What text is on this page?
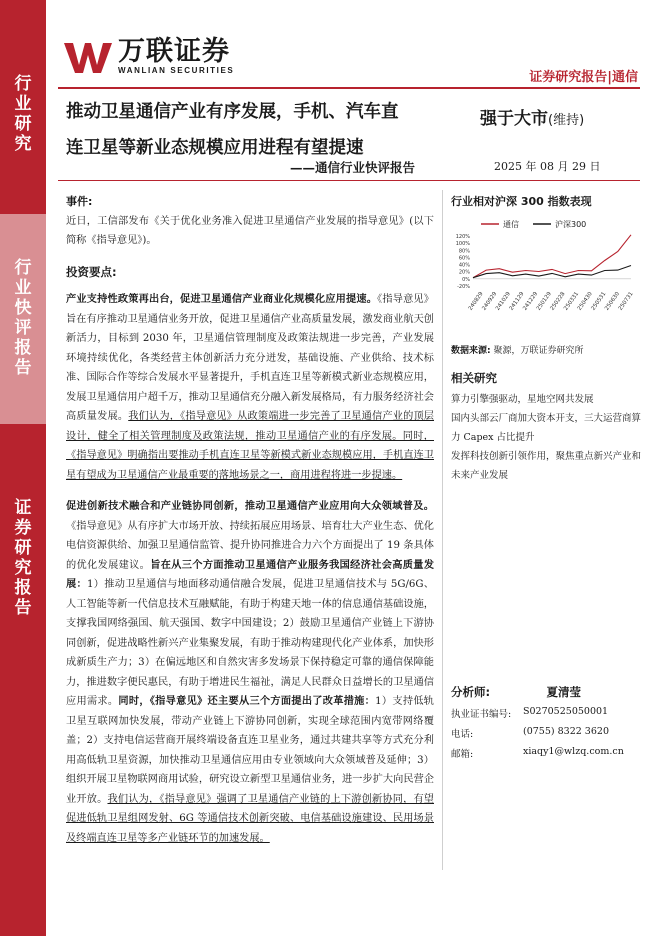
行
业
研
究
行
业
快
评
报
告
证
券
研
究
报
告
万联证券
WANLIAN SECURITIES	证券研究报告|通信
推动卫星通信产业有序发展，手机、汽车直
连卫星等新业态规模应用进程有望提速
——通信行业快评报告
强于大市(维持)
2025 年 08 月 29 日

事件:

近日，工信部发布《关于优化业务准入促进卫星通信产业发展的指导意见》(以下简称《指导意见》)。

投资要点:

产业支持性政策再出台，促进卫星通信产业商业化规模化应用提速。《指导意见》旨在有序推动卫星通信业务开放，促进卫星通信产业高质量发展，激发商业航天创新活力，目标到 2030 年，卫星通信管理制度及政策法规进一步完善，产业发展环境持续优化，各类经营主体创新活力充分迸发，基础设施、产业供给、技术标准、国际合作等综合发展水平显著提升，手机直连卫星等新模式新业态规模应用，发展卫星通信用户超千万，推动卫星通信充分融入新发展格局，有力服务经济社会高质量发展。我们认为，《指导意见》从政策端进一步完善了卫星通信产业的顶层设计，健全了相关管理制度及政策法规，推动卫星通信产业的有序发展。同时，《指导意见》明确指出要推动手机直连卫星等新模式新业态规模应用，手机直连卫星有望成为卫星通信产业最重要的落地场景之一，商用进程将进一步提速。

促进创新技术融合和产业链协同创新，推动卫星通信产业应用向大众领域普及。《指导意见》从有序扩大市场开放、持续拓展应用场景、培育壮大产业生态、优化电信资源供给、加强卫星通信监管、提升协同推进合力六个方面提出了 19 条具体的优化发展建议。旨在从三个方面推动卫星通信产业服务我国经济社会高质量发展：1）推动卫星通信与地面移动通信融合发展，促进卫星通信技术与 5G/6G、人工智能等新一代信息技术互融赋能，有助于构建天地一体的信息通信基础设施，支撑我国网络强国、航天强国、数字中国建设；2）鼓励卫星通信产业链上下游协同创新，促进战略性新兴产业集聚发展，有助于推动构建现代化产业体系，加快形成新质生产力；3）在偏远地区和自然灾害多发场景下保持稳定可靠的通信保障能力，推进数字便民惠民，有助于增进民生福祉，满足人民群众日益增长的卫星通信应用需求。同时，《指导意见》还主要从三个方面提出了改革措施：1）支持低轨卫星互联网加快发展，带动产业链上下游协同创新，实现全球范围内宽带网络覆盖；2）支持电信运营商开展终端设备直连卫星业务，通过共建共享等方式充分利用高低轨卫星资源，加快推动卫星通信应用由专业领域向大众领域普及延伸；3）组织开展卫星物联网商用试验，研究设立新型卫星通信业务，进一步扩大向民营企业开放。我们认为，《指导意见》强调了卫星通信产业链的上下游创新协同，有望促进低轨卫星组网发射、6G 等通信技术创新突破、电信基础设施建设、民用场景及终端直连卫星等多产业链环节的加速发展。

行业相对沪深 300 指数表现
通信	沪深300
120%
100%
80%
60%
40%
20%
0%
-20%
240829
240929
241029
241129
241229
250129
250228
250331
250430
250531
250630
250731
数据来源: 聚源，万联证券研究所
相关研究
算力引擎强驱动，星地空网共发展
国内头部云厂商加大资本开支，三大运营商算力 Capex 占比提升
发挥科技创新引领作用，聚焦重点新兴产业和未来产业发展
分析师:	夏清莹
执业证书编号:	S0270525050001
电话:	(0755) 8322 3620
邮箱:	xiaqy1@wlzq.com.cn
